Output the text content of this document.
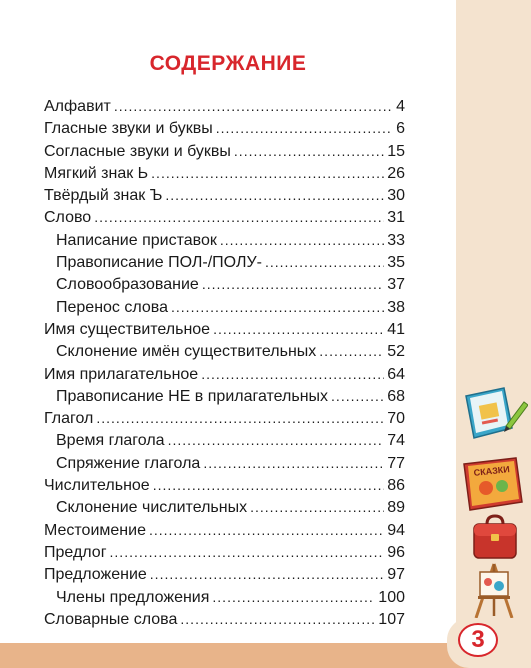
СОДЕРЖАНИЕ
Алфавит .....	4
Гласные звуки и буквы .....	6
Согласные звуки и буквы .....	15
Мягкий знак Ь .....	26
Твёрдый знак Ъ .....	30
Слово .....	31
Написание приставок .....	33
Правописание ПОЛ-/ПОЛУ- .....	35
Словообразование .....	37
Перенос слова .....	38
Имя существительное .....	41
Склонение имён существительных .....	52
Имя прилагательное .....	64
Правописание НЕ в прилагательных .....	68
Глагол .....	70
Время глагола .....	74
Спряжение глагола .....	77
Числительное .....	86
Склонение числительных .....	89
Местоимение .....	94
Предлог .....	96
Предложение .....	97
Члены предложения .....	100
Словарные слова .....	107
СКАЗКИ
3
